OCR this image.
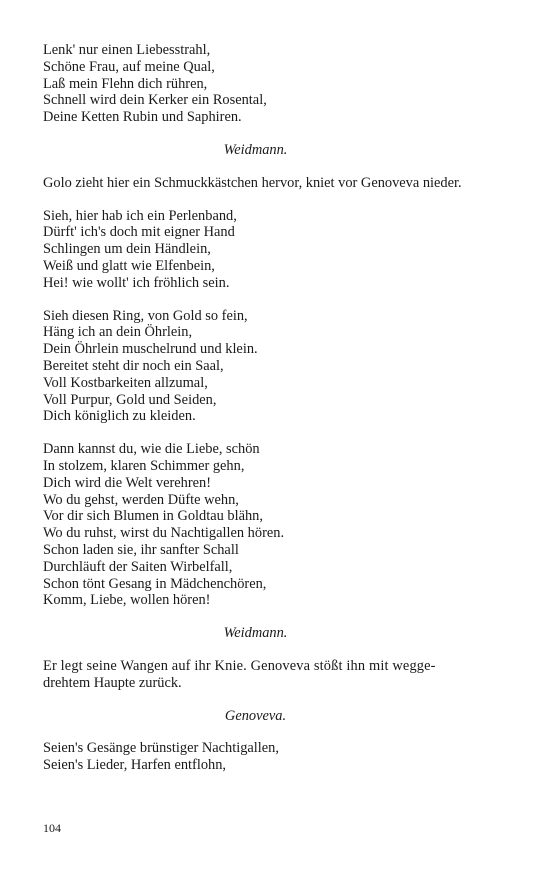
Lenk' nur einen Liebesstrahl,
Schöne Frau, auf meine Qual,
Laß mein Flehn dich rühren,
Schnell wird dein Kerker ein Rosental,
Deine Ketten Rubin und Saphiren.
Weidmann.
Golo zieht hier ein Schmuckkästchen hervor, kniet vor Genoveva nieder.
Sieh, hier hab ich ein Perlenband,
Dürft' ich's doch mit eigner Hand
Schlingen um dein Händlein,
Weiß und glatt wie Elfenbein,
Hei! wie wollt' ich fröhlich sein.
Sieh diesen Ring, von Gold so fein,
Häng ich an dein Öhrlein,
Dein Öhrlein muschelrund und klein.
Bereitet steht dir noch ein Saal,
Voll Kostbarkeiten allzumal,
Voll Purpur, Gold und Seiden,
Dich königlich zu kleiden.
Dann kannst du, wie die Liebe, schön
In stolzem, klaren Schimmer gehn,
Dich wird die Welt verehren!
Wo du gehst, werden Düfte wehn,
Vor dir sich Blumen in Goldtau blähn,
Wo du ruhst, wirst du Nachtigallen hören.
Schon laden sie, ihr sanfter Schall
Durchläuft der Saiten Wirbelfall,
Schon tönt Gesang in Mädchenchören,
Komm, Liebe, wollen hören!
Weidmann.
Er legt seine Wangen auf ihr Knie. Genoveva stößt ihn mit wegge-
drehtem Haupte zurück.
Genoveva.
Seien's Gesänge brünstiger Nachtigallen,
Seien's Lieder, Harfen entflohn,
104
